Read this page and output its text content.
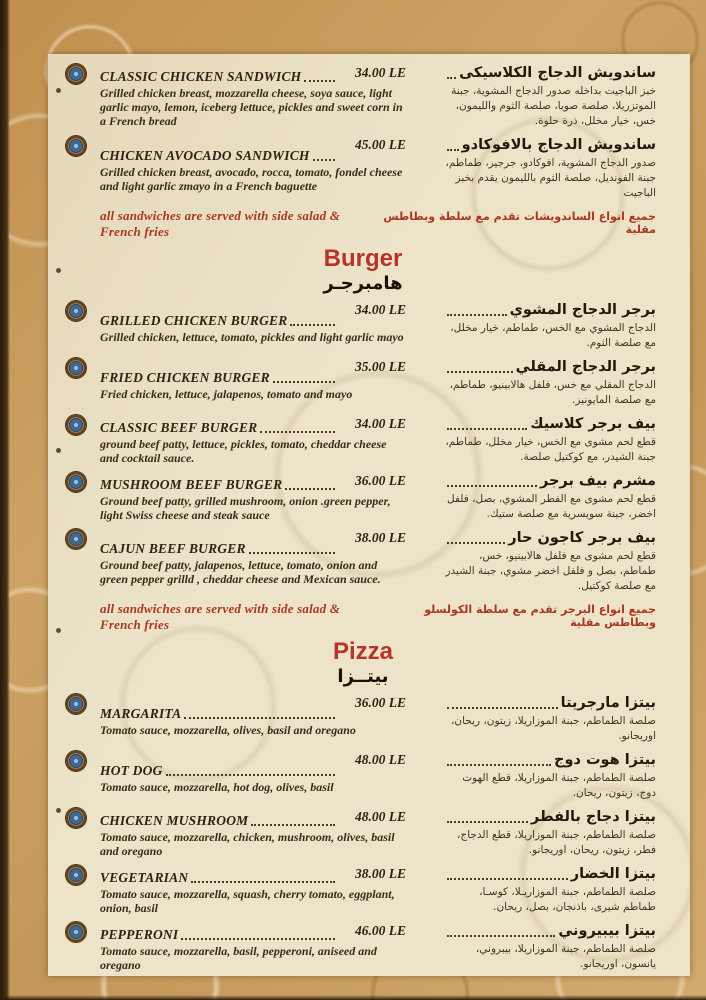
CLASSIC CHICKEN SANDWICH	34.00 LE
Grilled chicken breast, mozzarella cheese, soya sauce, light garlic mayo, lemon, iceberg lettuce, pickles and sweet corn in a French bread
ساندويش الدجاج الكلاسيكى
خبز الباجيت بداخله صدور الدجاج المشوية، جبنة الموتزريلا، صلصة صويا، صلصة الثوم والليمون، خس، خيار مخلل، ذرة حلوة.
CHICKEN AVOCADO SANDWICH
45.00 LE
Grilled chicken breast, avocado, rocca, tomato, fondel cheese and light garlic zmayo in a French baguette
ساندويش الدجاج بالافوكادو
صدور الدجاج المشوية، افوكادو، جرجير، طماطم، جبنة الفونديل، صلصة الثوم بالليمون يقدم بخبز الباجيت
all sandwiches are served with side salad & French fries
جميع انواع الساندويشات تقدم مع سلطة وبطاطس مقلية
Burger
هامبرجـر
GRILLED CHICKEN BURGER
34.00 LE
Grilled chicken, lettuce, tomato, pickles and light garlic mayo
برجر الدجاج المشوي
الدجاج المشوي مع الخس، طماطم، خيار مخلل، مع صلصة الثوم.
FRIED CHICKEN BURGER
35.00 LE
Fried chicken, lettuce, jalapenos, tomato and mayo
برجر الدجاج المقلي
الدجاج المقلي مع خس، فلفل هالابينيو، طماطم، مع صلصة المايونيز.
CLASSIC BEEF BURGER	34.00 LE
ground beef patty, lettuce, pickles, tomato, cheddar cheese and cocktail sauce.
بيف برجر كلاسيك
قطع لحم مشوى مع الخس، خيار مخلل، طماطم، جبنة الشيدر، مع كوكتيل صلصة.
MUSHROOM BEEF BURGER	36.00 LE
Ground beef patty, grilled mushroom, onion .green pepper, light Swiss cheese and steak sauce
مشرم بيف برجر
قطع لحم مشوى مع الفطر المشوي، بصل، فلفل اخضر، جبنة سويسرية مع صلصة ستيك.
CAJUN BEEF BURGER
38.00 LE
Ground beef patty, jalapenos, lettuce, tomato, onion and green pepper grilld , cheddar cheese and Mexican sauce.
بيف برجر كاجون حار
قطع لحم مشوى مع فلفل هالابينيو، خس، طماطم، بصل و فلفل اخضر مشوي، جبنة الشيدر مع صلصة كوكتيل.
all sandwiches are served with side salad & French fries
جميع انواع البرجر تقدم مع سلطة الكولسلو وبطاطس مقلية
Pizza
بيتــزا
MARGARITA
36.00 LE
Tomato sauce, mozzarella, olives, basil and oregano
بيتزا مارجريتا
صلصة الطماطم، جبنة الموزاريلا، زيتون، ريحان، اوريجانو.
HOT DOG
48.00 LE
Tomato sauce, mozzarella, hot dog, olives, basil
بيتزا هوت دوج
صلصة الطماطم، جبنة الموزاريلا، قطع الهوت دوج، زيتون، ريحان.
CHICKEN MUSHROOM	48.00 LE
Tomato sauce, mozzarella, chicken, mushroom, olives, basil and oregano
بيتزا دجاج بالفطر
صلصة الطماطم، جبنة الموزاريلا، قطع الدجاج، فطر، زيتون، ريحان، اوريجانو.
VEGETARIAN	38.00 LE
Tomato sauce, mozzarella, squash, cherry tomato, eggplant, onion, basil
بيتزا الخضار
صلصة الطماطم، جبنة الموزاريـلا، كوسـا، طماطم شيرى، باذنجان، بصل، ريحان.
PEPPERONI	46.00 LE
Tomato sauce, mozzarella, basil, pepperoni, aniseed and oregano
بيتزا بيبيروني
صلصة الطماطم، جبنة الموزاريلا، بيبروني، يانسون، اوريجانو.
